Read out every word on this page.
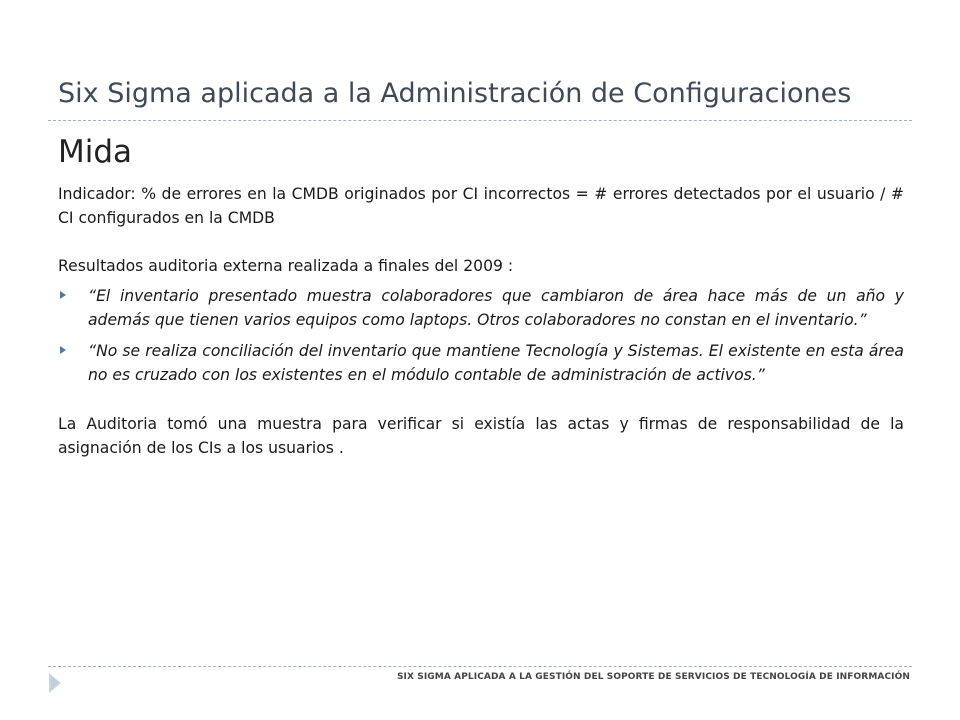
Six Sigma aplicada a la Administración de Configuraciones
Mida

Indicador: % de errores en la CMDB originados por CI incorrectos = # errores detectados por el usuario / # CI configurados en la CMDB

Resultados auditoria externa realizada a finales del 2009 :

“El inventario presentado muestra colaboradores que cambiaron de área hace más de un año y además que tienen varios equipos como laptops. Otros colaboradores no constan en el inventario.”
“No se realiza conciliación del inventario que mantiene Tecnología y Sistemas. El existente en esta área no es cruzado con los existentes en el módulo contable de administración de activos.”

La Auditoria tomó una muestra para verificar si existía las actas y firmas de responsabilidad de la asignación de los CIs a los usuarios .

SIX SIGMA APLICADA A LA GESTIÓN DEL SOPORTE DE SERVICIOS DE TECNOLOGÍA DE INFORMACIÓN
